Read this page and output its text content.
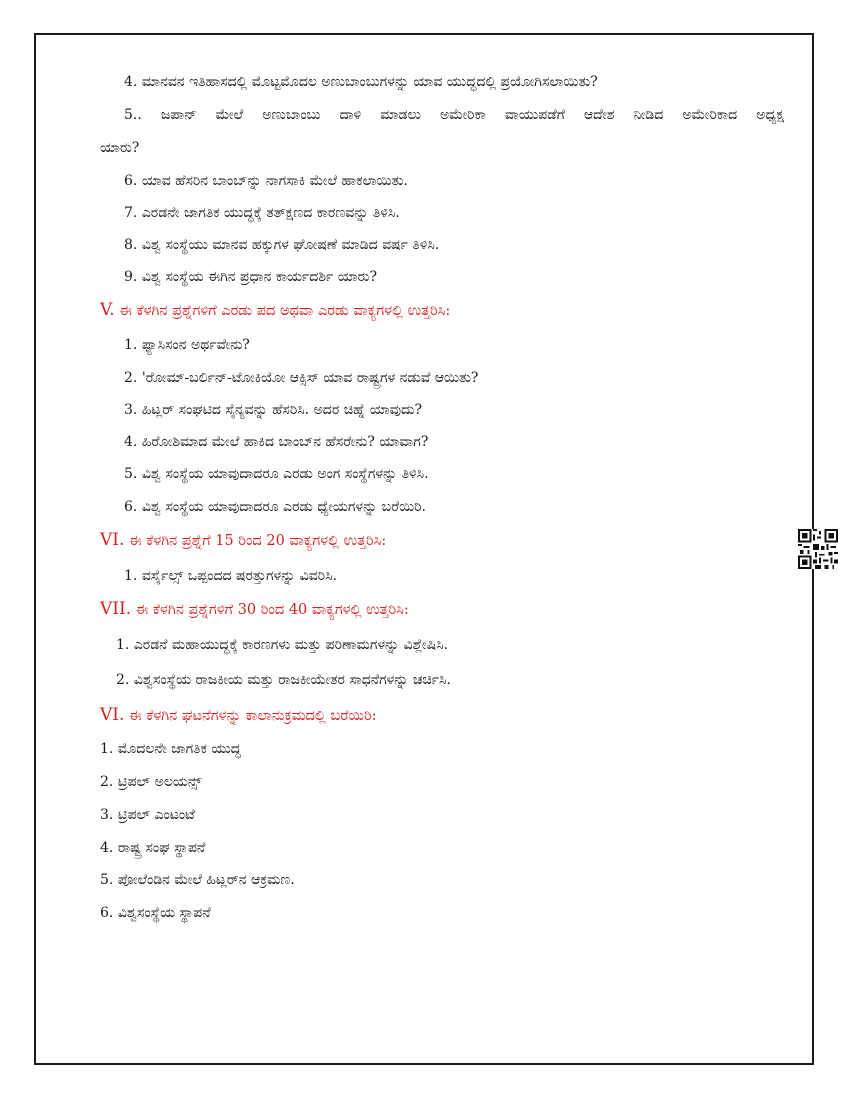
4. ಮಾನವನ ಇತಿಹಾಸದಲ್ಲಿ ಮೊಟ್ಟಮೊದಲ ಅಣುಬಾಂಬುಗಳನ್ನು ಯಾವ ಯುದ್ಧದಲ್ಲಿ ಪ್ರಯೋಗಿಸಲಾಯಿತು?
5.. ಜಪಾನ್ ಮೇಲೆ ಅಣುಬಾಂಬು ದಾಳಿ ಮಾಡಲು ಅಮೇರಿಕಾ ವಾಯುಪಡೆಗೆ ಆದೇಶ ನೀಡಿದ ಅಮೇರಿಕಾದ ಅಧ್ಯಕ್ಷ
ಯಾರು?
6. ಯಾವ ಹೆಸರಿನ ಬಾಂಬ್‌ನ್ನು ನಾಗಸಾಕಿ ಮೇಲೆ ಹಾಕಲಾಯಿತು.
7. ಎರಡನೇ ಜಾಗತಿಕ ಯುದ್ಧಕ್ಕೆ ತತ್‌ಕ್ಷಣದ ಕಾರಣವನ್ನು ತಿಳಿಸಿ.
8. ವಿಶ್ವ ಸಂಸ್ಥೆಯು ಮಾನವ ಹಕ್ಕುಗಳ ಘೋಷಣೆ ಮಾಡಿದ ವರ್ಷ ತಿಳಿಸಿ.
9. ವಿಶ್ವ ಸಂಸ್ಥೆಯ ಈಗಿನ ಪ್ರಧಾನ ಕಾರ್ಯದರ್ಶಿ ಯಾರು?
V. ಈ ಕೆಳಗಿನ ಪ್ರಶ್ನೆಗಳಿಗೆ ಎರಡು ಪದ ಅಥವಾ ಎರಡು ವಾಕ್ಯಗಳಲ್ಲಿ ಉತ್ತರಿಸಿ:
1. ಫ್ಯಾಸಿಸಂನ ಅರ್ಥವೇನು?
2. 'ರೋಮ್-ಬರ್ಲಿನ್-ಟೋಕಿಯೋ ಆಕ್ಸಿಸ್ ಯಾವ ರಾಷ್ಟ್ರಗಳ ನಡುವೆ ಆಯಿತು?
3. ಹಿಟ್ಲರ್ ಸಂಘಟಿದ ಸೈನ್ಯವನ್ನು ಹೆಸರಿಸಿ. ಅದರ ಚಿಹ್ನೆ ಯಾವುದು?
4. ಹಿರೋಶಿಮಾದ ಮೇಲೆ ಹಾಕಿದ ಬಾಂಬ್‌ನ ಹೆಸರೇನು? ಯಾವಾಗ?
5. ವಿಶ್ವ ಸಂಸ್ಥೆಯ ಯಾವುದಾದರೂ ಎರಡು ಅಂಗ ಸಂಸ್ಥೆಗಳನ್ನು ತಿಳಿಸಿ.
6. ವಿಶ್ವ ಸಂಸ್ಥೆಯ ಯಾವುದಾದರೂ ಎರಡು ಧ್ಯೇಯಗಳನ್ನು ಬರೆಯಿರಿ.
VI. ಈ ಕೆಳಗಿನ ಪ್ರಶ್ನೆಗೆ 15 ರಿಂದ 20 ವಾಕ್ಯಗಳಲ್ಲಿ ಉತ್ತರಿಸಿ:
1. ವರ್ಸೈಲ್ಸ್ ಒಪ್ಪಂದದ ಷರತ್ತುಗಳನ್ನು ವಿವರಿಸಿ.
VII. ಈ ಕೆಳಗಿನ ಪ್ರಶ್ನೆಗಳಿಗೆ 30 ರಿಂದ 40 ವಾಕ್ಯಗಳಲ್ಲಿ ಉತ್ತರಿಸಿ:
1. ಎರಡನೆ ಮಹಾಯುದ್ಧಕ್ಕೆ ಕಾರಣಗಳು ಮತ್ತು ಪರಿಣಾಮಗಳನ್ನು ವಿಶ್ಲೇಷಿಸಿ.
2. ವಿಶ್ವಸಂಸ್ಥೆಯ ರಾಜಕೀಯ ಮತ್ತು ರಾಜಕೀಯೇತರ ಸಾಧನೆಗಳನ್ನು ಚರ್ಚಿಸಿ.
VI. ಈ ಕೆಳಗಿನ ಘಟನೆಗಳನ್ನು ಕಾಲಾನುಕ್ರಮದಲ್ಲಿ ಬರೆಯಿರಿ:
1. ಮೊದಲನೇ ಜಾಗತಿಕ ಯುದ್ಧ
2. ಟ್ರಿಪಲ್ ಅಲಯನ್ಸ್
3. ಟ್ರಿಪಲ್ ಎಂಟಂಟೆ
4. ರಾಷ್ಟ್ರ ಸಂಘ ಸ್ಥಾಪನೆ
5. ಪೋಲೆಂಡಿನ ಮೇಲೆ ಹಿಟ್ಲರ್‌ನ ಆಕ್ರಮಣ.
6. ವಿಶ್ವಸಂಸ್ಥೆಯ ಸ್ಥಾಪನೆ
